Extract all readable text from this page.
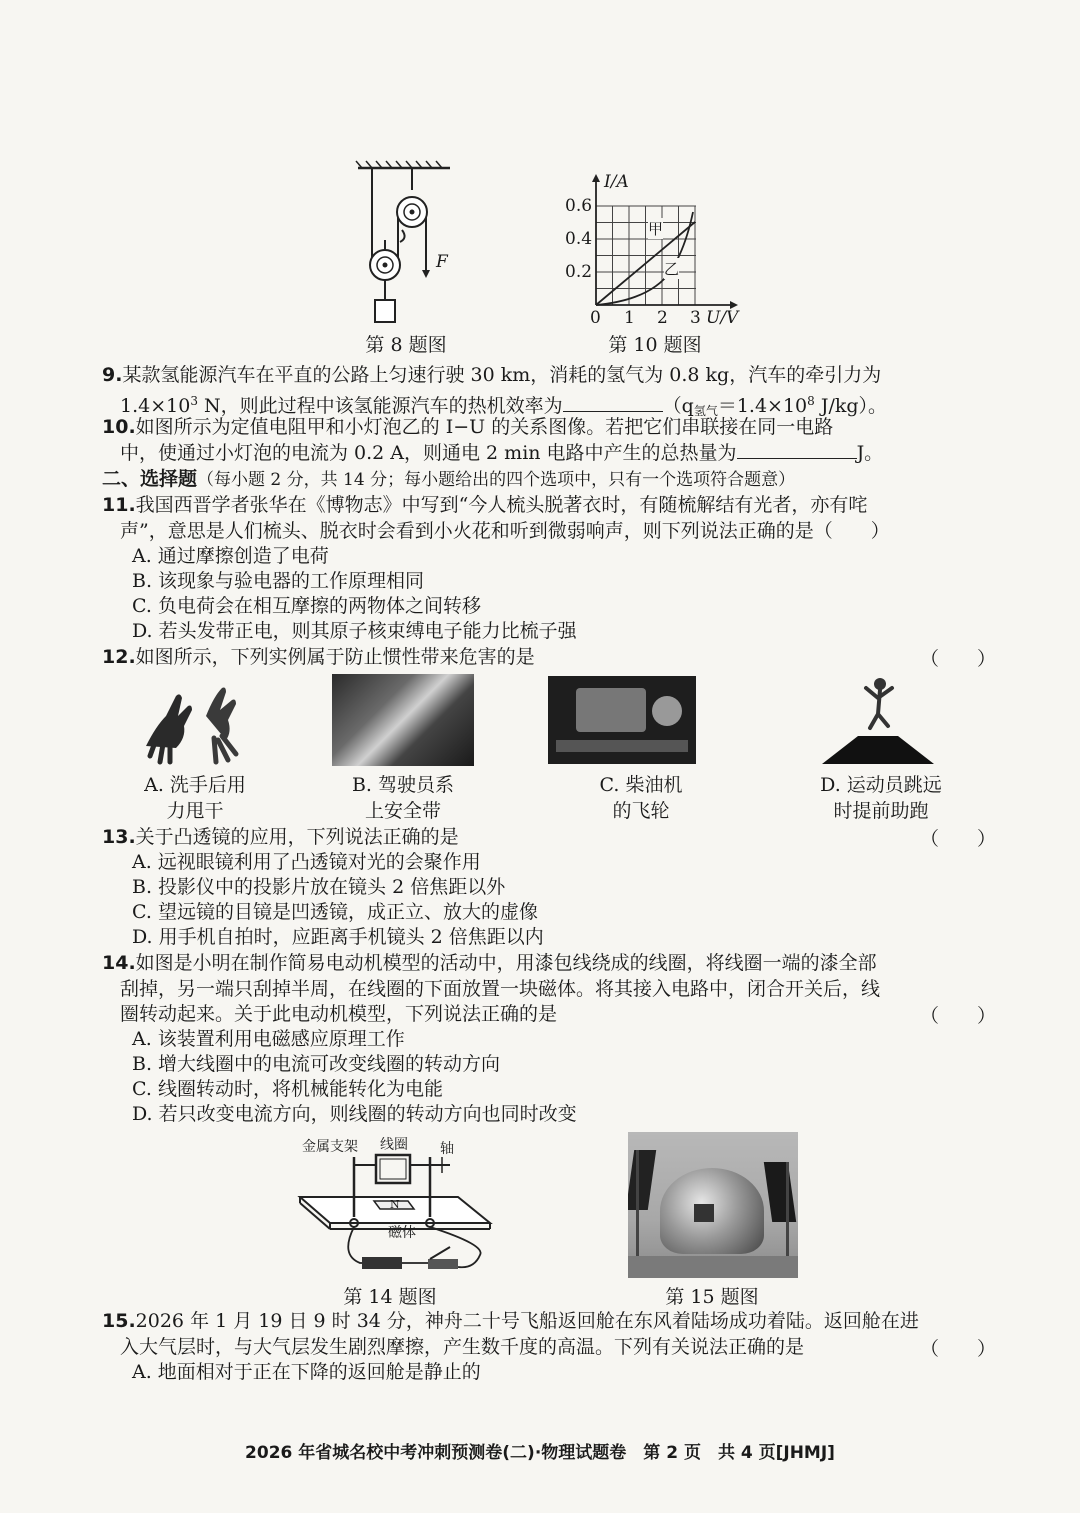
F
第 8 题图
I/A
U/V
0.6
0.4
0.2
0 1 2 3
甲
乙
第 10 题图
9.某款氢能源汽车在平直的公路上匀速行驶 30 km，消耗的氢气为 0.8 kg，汽车的牵引力为
$1.4\times 10^3$ N，则此过程中该氢能源汽车的热机效率为	（$q_{氢气}=1.4\times 10^8$ J/kg）。
10.如图所示为定值电阻甲和小灯泡乙的 I−U 的关系图像。若把它们串联接在同一电路
中，使通过小灯泡的电流为 0.2 A，则通电 2 min 电路中产生的总热量为	J。
二、选择题（每小题 2 分，共 14 分；每小题给出的四个选项中，只有一个选项符合题意）
11.我国西晋学者张华在《博物志》中写到“今人梳头脱著衣时，有随梳解结有光者，亦有咤
声”，意思是人们梳头、脱衣时会看到小火花和听到微弱响声，则下列说法正确的是（　　）
A. 通过摩擦创造了电荷
B. 该现象与验电器的工作原理相同
C. 负电荷会在相互摩擦的两物体之间转移
D. 若头发带正电，则其原子核束缚电子能力比梳子强
12.如图所示，下列实例属于防止惯性带来危害的是	（　　）
A. 洗手后用
力甩干
B. 驾驶员系
上安全带
C. 柴油机
的飞轮
D. 运动员跳远
时提前助跑
13.关于凸透镜的应用，下列说法正确的是	（　　）
A. 远视眼镜利用了凸透镜对光的会聚作用
B. 投影仪中的投影片放在镜头 2 倍焦距以外
C. 望远镜的目镜是凹透镜，成正立、放大的虚像
D. 用手机自拍时，应距离手机镜头 2 倍焦距以内
14.如图是小明在制作简易电动机模型的活动中，用漆包线绕成的线圈，将线圈一端的漆全部
刮掉，另一端只刮掉半周，在线圈的下面放置一块磁体。将其接入电路中，闭合开关后，线
圈转动起来。关于此电动机模型，下列说法正确的是	（　　）
A. 该装置利用电磁感应原理工作
B. 增大线圈中的电流可改变线圈的转动方向
C. 线圈转动时，将机械能转化为电能
D. 若只改变电流方向，则线圈的转动方向也同时改变
金属支架 线圈 轴
N
磁体
第 14 题图	第 15 题图
15.2026 年 1 月 19 日 9 时 34 分，神舟二十号飞船返回舱在东风着陆场成功着陆。返回舱在进
入大气层时，与大气层发生剧烈摩擦，产生数千度的高温。下列有关说法正确的是	（　　）
A. 地面相对于正在下降的返回舱是静止的
2026 年省城名校中考冲刺预测卷(二)·物理试题卷　第 2 页　共 4 页[JHMJ]
